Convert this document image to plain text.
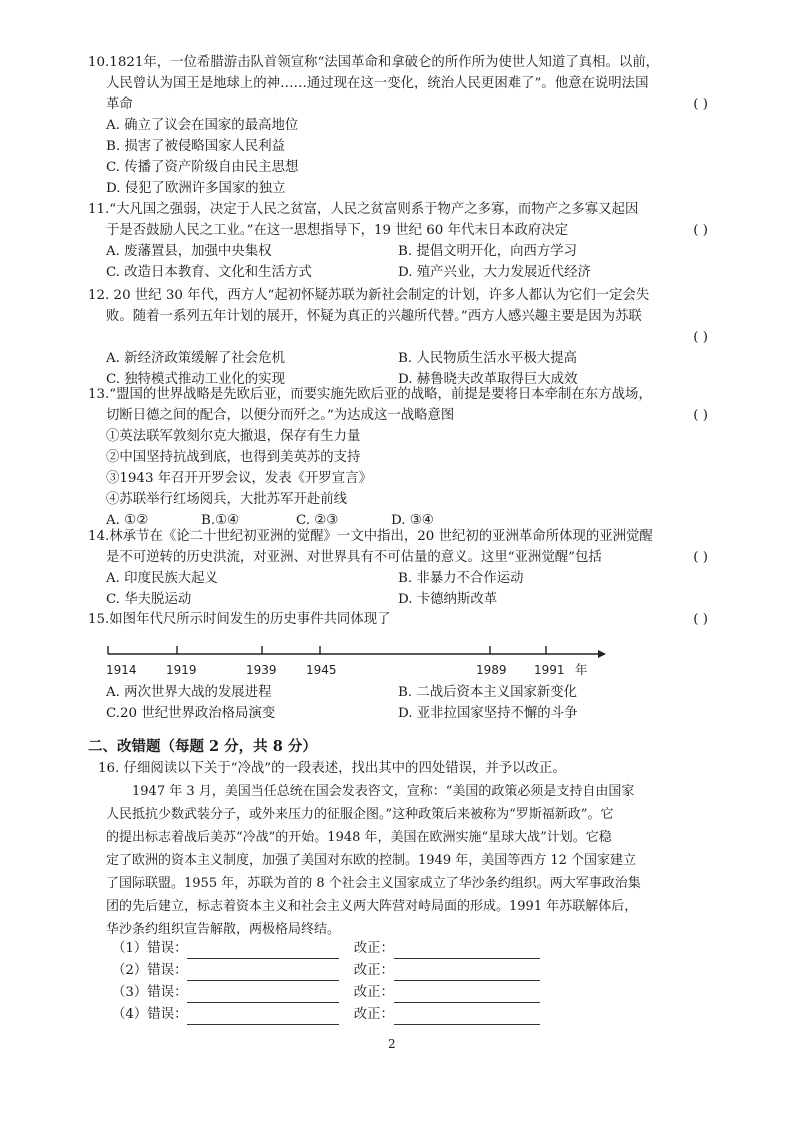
10.1821年，一位希腊游击队首领宣称“法国革命和拿破仑的所作所为使世人知道了真相。以前，
人民曾认为国王是地球上的神……通过现在这一变化，统治人民更困难了”。他意在说明法国
革命	( )
A. 确立了议会在国家的最高地位
B. 损害了被侵略国家人民利益
C. 传播了资产阶级自由民主思想
D. 侵犯了欧洲许多国家的独立
11.“大凡国之强弱，决定于人民之贫富，人民之贫富则系于物产之多寡，而物产之多寡又起因
于是否鼓励人民之工业。”在这一思想指导下，19 世纪 60 年代末日本政府决定	( )
A. 废藩置县，加强中央集权	B. 提倡文明开化，向西方学习
C. 改造日本教育、文化和生活方式	D. 殖产兴业，大力发展近代经济
12. 20 世纪 30 年代，西方人“起初怀疑苏联为新社会制定的计划，许多人都认为它们一定会失
败。随着一系列五年计划的展开，怀疑为真正的兴趣所代替。”西方人感兴趣主要是因为苏联
( )
A. 新经济政策缓解了社会危机	B. 人民物质生活水平极大提高
C. 独特模式推动工业化的实现	D. 赫鲁晓夫改革取得巨大成效
13.“盟国的世界战略是先欧后亚，而要实施先欧后亚的战略，前提是要将日本牵制在东方战场，
切断日德之间的配合，以便分而歼之。”为达成这一战略意图	( )
①英法联军敦刻尔克大撤退，保存有生力量
②中国坚持抗战到底，也得到美英苏的支持
③1943 年召开开罗会议，发表《开罗宣言》
④苏联举行红场阅兵，大批苏军开赴前线
A. ①②	B.①④	C. ②③	D. ③④
14.林承节在《论二十世纪初亚洲的觉醒》一文中指出，20 世纪初的亚洲革命所体现的亚洲觉醒
是不可逆转的历史洪流，对亚洲、对世界具有不可估量的意义。这里“亚洲觉醒”包括	( )
A. 印度民族大起义	B. 非暴力不合作运动
C. 华夫脱运动	D. 卡德纳斯改革
15.如图年代尺所示时间发生的历史事件共同体现了	( )
1914 1919	1939 1945	1989 1991 年
A. 两次世界大战的发展进程	B. 二战后资本主义国家新变化
C.20 世纪世界政治格局演变	D. 亚非拉国家坚持不懈的斗争
二、改错题（每题 2 分，共 8 分）
16. 仔细阅读以下关于“冷战”的一段表述，找出其中的四处错误，并予以改正。
1947 年 3 月，美国当任总统在国会发表咨文，宣称：“美国的政策必须是支持自由国家
人民抵抗少数武装分子，或外来压力的征服企图。”这种政策后来被称为“罗斯福新政”。它
的提出标志着战后美苏“冷战”的开始。1948 年，美国在欧洲实施“星球大战”计划。它稳
定了欧洲的资本主义制度，加强了美国对东欧的控制。1949 年，美国等西方 12 个国家建立
了国际联盟。1955 年，苏联为首的 8 个社会主义国家成立了华沙条约组织。两大军事政治集
团的先后建立，标志着资本主义和社会主义两大阵营对峙局面的形成。1991 年苏联解体后，
华沙条约组织宣告解散，两极格局终结。
（1）错误：	改正：
（2）错误：	改正：
（3）错误：	改正：
（4）错误：	改正：
2
